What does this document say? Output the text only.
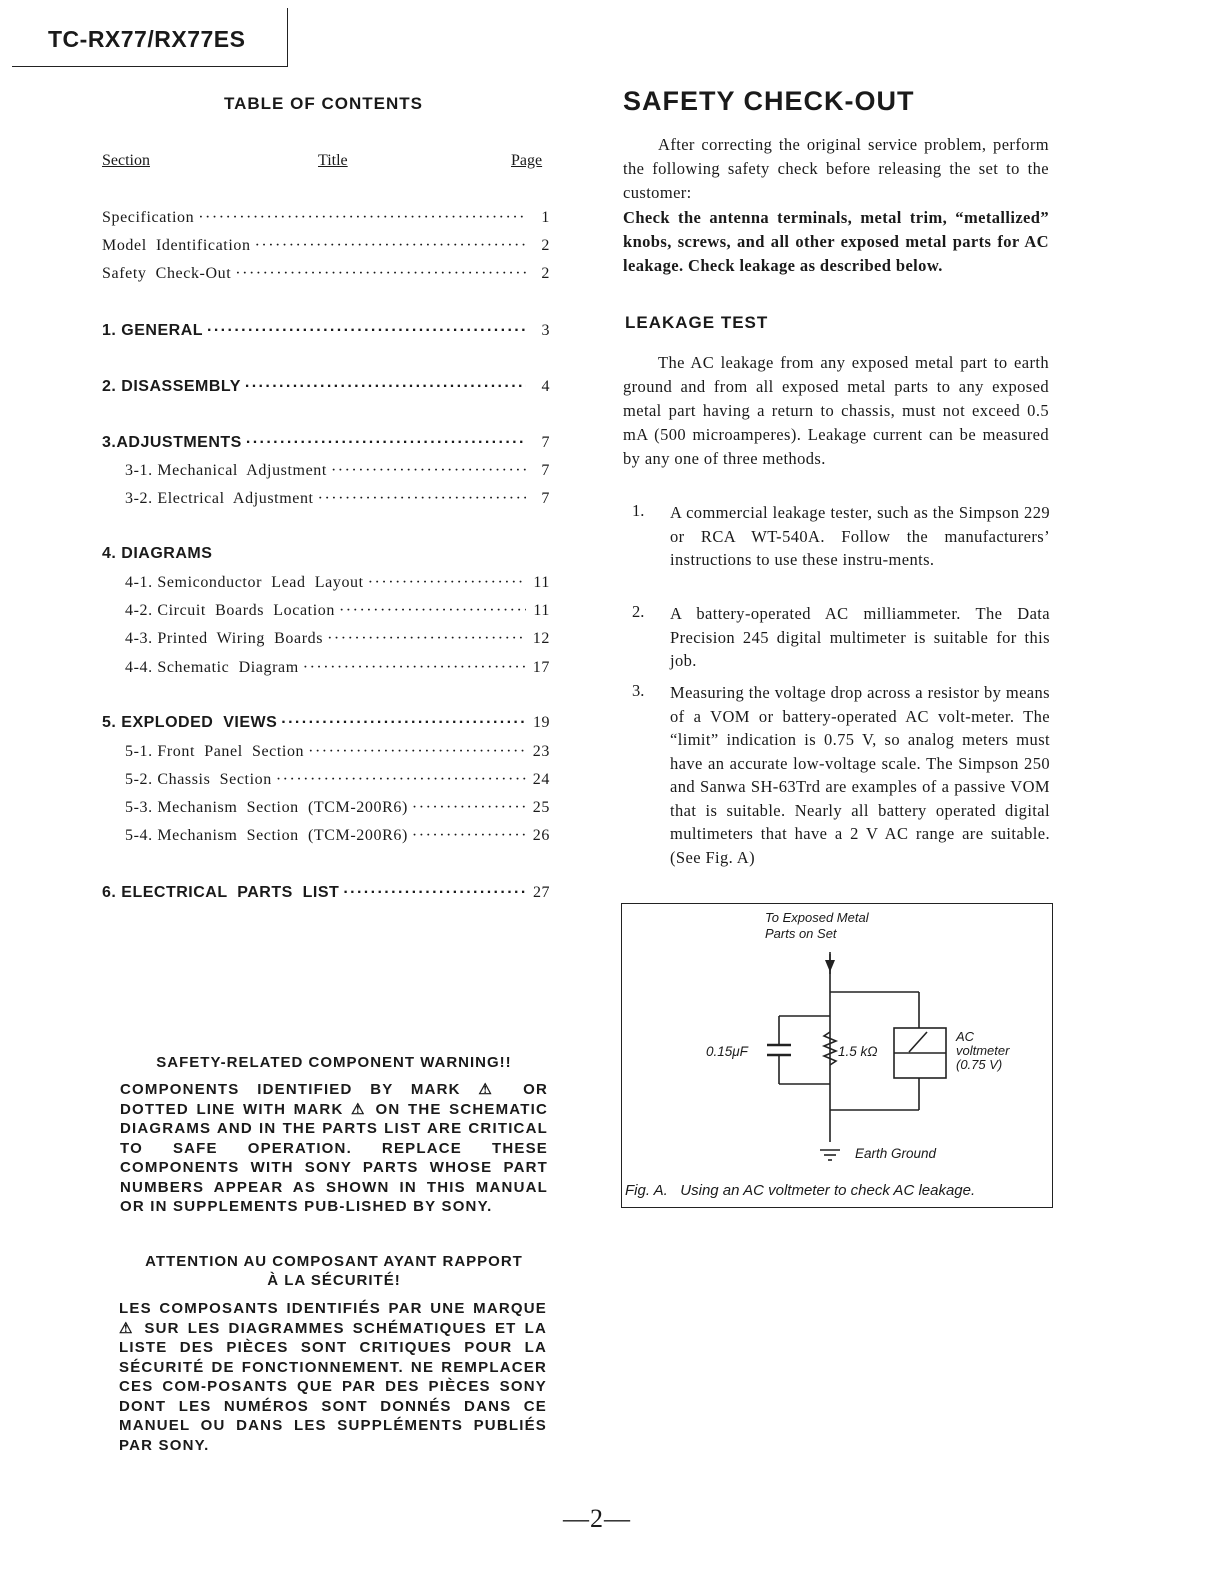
TC-RX77/RX77ES
TABLE OF CONTENTS
Section	Title	Page
Specification ·····	1
Model  Identification ·····	2
Safety  Check-Out ·····	2
1. GENERAL ·····	3
2. DISASSEMBLY ·····	4
3.ADJUSTMENTS ·····	7
3-1. Mechanical  Adjustment ·····	7
3-2. Electrical  Adjustment ·····	7
4. DIAGRAMS
4-1. Semiconductor  Lead  Layout ·····	11
4-2. Circuit  Boards  Location ·····	11
4-3. Printed  Wiring  Boards ·····	12
4-4. Schematic  Diagram ·····	17
5. EXPLODED  VIEWS ·····	19
5-1. Front  Panel  Section ·····	23
5-2. Chassis  Section ·····	24
5-3. Mechanism  Section  (TCM-200R6) ·····	25
5-4. Mechanism  Section  (TCM-200R6) ·····	26
6. ELECTRICAL  PARTS  LIST ·····	27
SAFETY-RELATED COMPONENT WARNING!!
COMPONENTS IDENTIFIED BY MARK ⚠ OR DOTTED LINE WITH MARK ⚠ ON THE SCHEMATIC DIAGRAMS AND IN THE PARTS LIST ARE CRITICAL TO SAFE OPERATION. REPLACE THESE COMPONENTS WITH SONY PARTS WHOSE PART NUMBERS APPEAR AS SHOWN IN THIS MANUAL OR IN SUPPLEMENTS PUB-LISHED BY SONY.
ATTENTION AU COMPOSANT AYANT RAPPORT
À LA SÉCURITÉ!
LES COMPOSANTS IDENTIFIÉS PAR UNE MARQUE ⚠ SUR LES DIAGRAMMES SCHÉMATIQUES ET LA LISTE DES PIÈCES SONT CRITIQUES POUR LA SÉCURITÉ DE FONCTIONNEMENT. NE REMPLACER CES COM-POSANTS QUE PAR DES PIÈCES SONY DONT LES NUMÉROS SONT DONNÉS DANS CE MANUEL OU DANS LES SUPPLÉMENTS PUBLIÉS PAR SONY.
SAFETY CHECK-OUT
After correcting the original service problem, perform the following safety check before releasing the set to the customer:
Check the antenna terminals, metal trim, “metallized” knobs, screws, and all other exposed metal parts for AC leakage. Check leakage as described below.
LEAKAGE TEST
The AC leakage from any exposed metal part to earth ground and from all exposed metal parts to any exposed metal part having a return to chassis, must not exceed 0.5 mA (500 microamperes). Leakage current can be measured by any one of three methods.
1. A commercial leakage tester, such as the Simpson 229 or RCA WT-540A. Follow the manufacturers’ instructions to use these instru-ments.
2. A battery-operated AC milliammeter. The Data Precision 245 digital multimeter is suitable for this job.
3. Measuring the voltage drop across a resistor by means of a VOM or battery-operated AC volt-meter. The “limit” indication is 0.75 V, so analog meters must have an accurate low-voltage scale. The Simpson 250 and Sanwa SH-63Trd are examples of a passive VOM that is suitable. Nearly all battery operated digital multimeters that have a 2 V AC range are suitable. (See Fig. A)
To Exposed Metal
Parts on Set
0.15μF	1.5 kΩ
AC
voltmeter
(0.75 V)
Earth Ground
Fig. A.   Using an AC voltmeter to check AC leakage.
—2—
